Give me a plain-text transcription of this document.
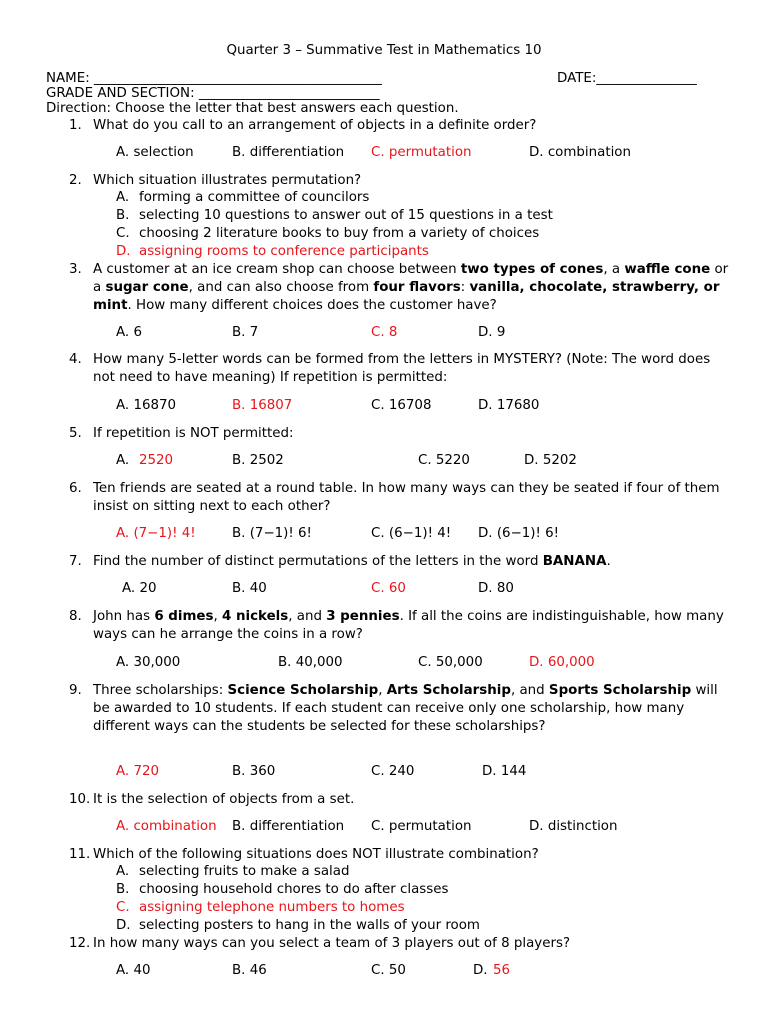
Quarter 3 – Summative Test in Mathematics 10
NAME: ___________________________________________	DATE:_______________
GRADE AND SECTION: ___________________________
Direction: Choose the letter that best answers each question.
1. What do you call to an arrangement of objects in a definite order?
A. selection	B. differentiation C. permutation	D. combination
2. Which situation illustrates permutation?
A. forming a committee of councilors
B. selecting 10 questions to answer out of 15 questions in a test
C. choosing 2 literature books to buy from a variety of choices
D. assigning rooms to conference participants
3. A customer at an ice cream shop can choose between two types of cones, a waffle cone or a sugar cone, and can also choose from four flavors: vanilla, chocolate, strawberry, or mint. How many different choices does the customer have?
A. 6	B. 7	C. 8	D. 9
4. How many 5-letter words can be formed from the letters in MYSTERY? (Note: The word does not need to have meaning) If repetition is permitted:
A. 16870	B. 16807	C. 16708	D. 17680
5. If repetition is NOT permitted:
A. 2520	B. 2502	C. 5220	D. 5202
6. Ten friends are seated at a round table. In how many ways can they be seated if four of them insist on sitting next to each other?
A. (7−1)! 4!	B. (7−1)! 6!	C. (6−1)! 4! D. (6−1)! 6!
7. Find the number of distinct permutations of the letters in the word BANANA.
A. 20	B. 40	C. 60	D. 80
8. John has 6 dimes, 4 nickels, and 3 pennies. If all the coins are indistinguishable, how many ways can he arrange the coins in a row?
A. 30,000	B. 40,000	C. 50,000	D. 60,000
9. Three scholarships: Science Scholarship, Arts Scholarship, and Sports Scholarship will be awarded to 10 students. If each student can receive only one scholarship, how many different ways can the students be selected for these scholarships?
A. 720	B. 360	C. 240	D. 144
10. It is the selection of objects from a set.
A. combination B. differentiation C. permutation	D. distinction
11. Which of the following situations does NOT illustrate combination?
A. selecting fruits to make a salad
B. choosing household chores to do after classes
C. assigning telephone numbers to homes
D. selecting posters to hang in the walls of your room
12. In how many ways can you select a team of 3 players out of 8 players?
A. 40	B. 46	C. 50	D. 56
